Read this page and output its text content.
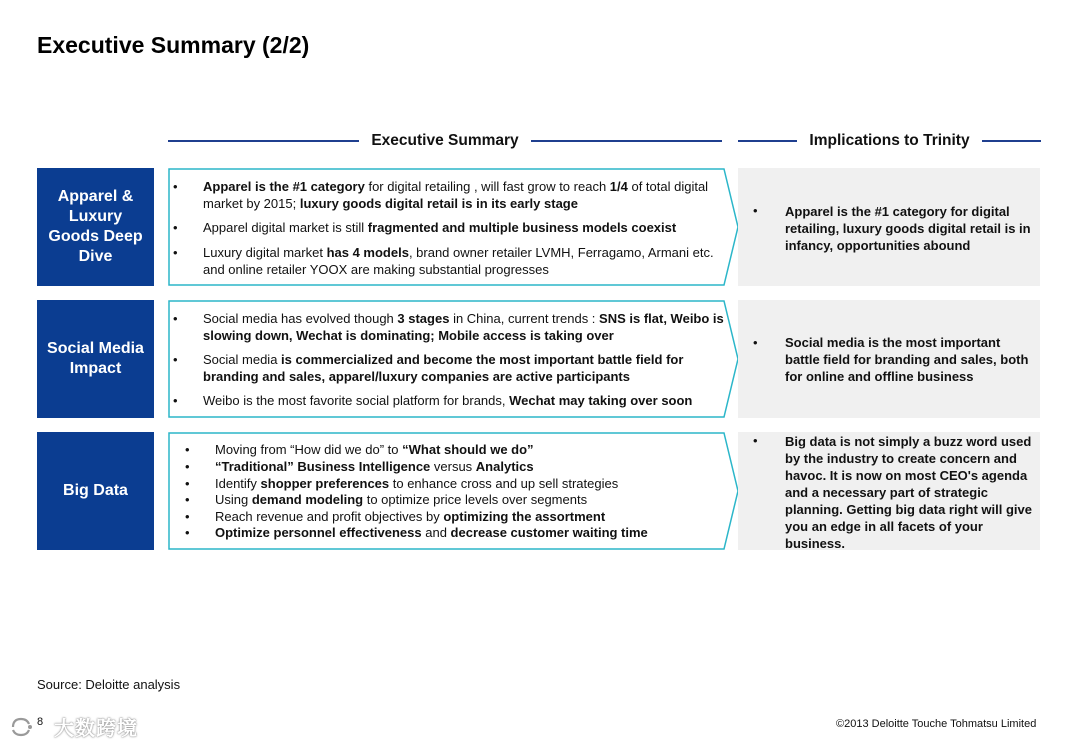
Executive Summary (2/2)
Executive Summary	Implications to Trinity
Apparel & Luxury Goods Deep Dive
• Apparel is the #1 category for digital retailing , will fast grow to reach 1/4 of total digital market by 2015; luxury goods digital retail is in its early stage
• Apparel digital market is still fragmented and multiple business models coexist
• Luxury digital market has 4 models, brand owner retailer LVMH, Ferragamo, Armani etc. and online retailer YOOX are making substantial progresses
• Apparel is the #1 category for digital retailing, luxury goods digital retail is in infancy, opportunities abound
Social Media Impact
• Social media has evolved though 3 stages in China, current trends : SNS is flat, Weibo is slowing down, Wechat is dominating; Mobile access is taking over
• Social media is commercialized and become the most important battle field for branding and sales, apparel/luxury companies are active participants
• Weibo is the most favorite social platform for brands, Wechat may taking over soon
• Social media is the most important battle field for branding and sales, both for online and offline business
Big Data
• Moving from “How did we do” to “What should we do”
• “Traditional” Business Intelligence versus Analytics
• Identify shopper preferences to enhance cross and up sell strategies
• Using demand modeling to optimize price levels over segments
• Reach revenue and profit objectives by optimizing the assortment
• Optimize personnel effectiveness and decrease customer waiting time
• Big data is not simply a buzz word used by the industry to create concern and havoc. It is now on most CEO's agenda and a necessary part of strategic planning. Getting big data right will give you an edge in all facets of your business.
Source: Deloitte analysis
大数跨境
8	©2013 Deloitte Touche Tohmatsu Limited
